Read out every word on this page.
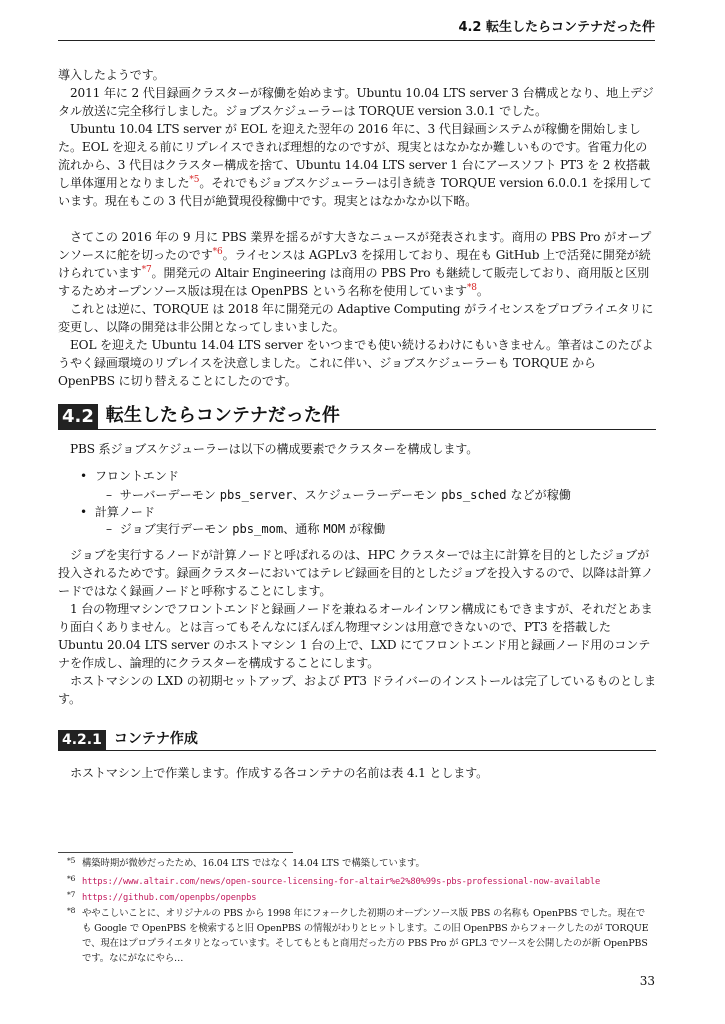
4.2 転生したらコンテナだった件

導入したようです。

2011 年に 2 代目録画クラスターが稼働を始めます。Ubuntu 10.04 LTS server 3 台構成となり、地上デジタル放送に完全移行しました。ジョブスケジューラーは TORQUE version 3.0.1 でした。

Ubuntu 10.04 LTS server が EOL を迎えた翌年の 2016 年に、3 代目録画システムが稼働を開始しました。EOL を迎える前にリプレイスできれば理想的なのですが、現実とはなかなか難しいものです。省電力化の流れから、3 代目はクラスター構成を捨て、Ubuntu 14.04 LTS server 1 台にアースソフト PT3 を 2 枚搭載し単体運用となりました$^{*5}$。それでもジョブスケジューラーは引き続き TORQUE version 6.0.0.1 を採用しています。現在もこの 3 代目が絶賛現役稼働中です。現実とはなかなか以下略。

さてこの 2016 年の 9 月に PBS 業界を揺るがす大きなニュースが発表されます。商用の PBS Pro がオープンソースに舵を切ったのです$^{*6}$。ライセンスは AGPLv3 を採用しており、現在も GitHub 上で活発に開発が続けられています$^{*7}$。開発元の Altair Engineering は商用の PBS Pro も継続して販売しており、商用版と区別するためオープンソース版は現在は OpenPBS という名称を使用しています$^{*8}$。

これとは逆に、TORQUE は 2018 年に開発元の Adaptive Computing がライセンスをプロプライエタリに変更し、以降の開発は非公開となってしまいました。

EOL を迎えた Ubuntu 14.04 LTS server をいつまでも使い続けるわけにもいきません。筆者はこのたびようやく録画環境のリプレイスを決意しました。これに伴い、ジョブスケジューラーも TORQUE から OpenPBS に切り替えることにしたのです。

4.2 転生したらコンテナだった件

PBS 系ジョブスケジューラーは以下の構成要素でクラスターを構成します。

•  フロントエンド
–  サーバーデーモン pbs_server、スケジューラーデーモン pbs_sched などが稼働
•  計算ノード
–  ジョブ実行デーモン pbs_mom、通称 MOM が稼働

ジョブを実行するノードが計算ノードと呼ばれるのは、HPC クラスターでは主に計算を目的としたジョブが投入されるためです。録画クラスターにおいてはテレビ録画を目的としたジョブを投入するので、以降は計算ノードではなく録画ノードと呼称することにします。

1 台の物理マシンでフロントエンドと録画ノードを兼ねるオールインワン構成にもできますが、それだとあまり面白くありません。とは言ってもそんなにぽんぽん物理マシンは用意できないので、PT3 を搭載した Ubuntu 20.04 LTS server のホストマシン 1 台の上で、LXD にてフロントエンド用と録画ノード用のコンテナを作成し、論理的にクラスターを構成することにします。

ホストマシンの LXD の初期セットアップ、および PT3 ドライバーのインストールは完了しているものとします。

4.2.1 コンテナ作成

ホストマシン上で作業します。作成する各コンテナの名前は表 4.1 とします。

*5 構築時期が微妙だったため、16.04 LTS ではなく 14.04 LTS で構築しています。
*6 https://www.altair.com/news/open-source-licensing-for-altair%e2%80%99s-pbs-professional-now-available
*7 https://github.com/openpbs/openpbs
*8 ややこしいことに、オリジナルの PBS から 1998 年にフォークした初期のオープンソース版 PBS の名称も OpenPBS でした。現在でも Google で OpenPBS を検索すると旧 OpenPBS の情報がわりとヒットします。この旧 OpenPBS からフォークしたのが TORQUE で、現在はプロプライエタリとなっています。そしてもともと商用だった方の PBS Pro が GPL3 でソースを公開したのが新 OpenPBS です。なにがなにやら…
33
